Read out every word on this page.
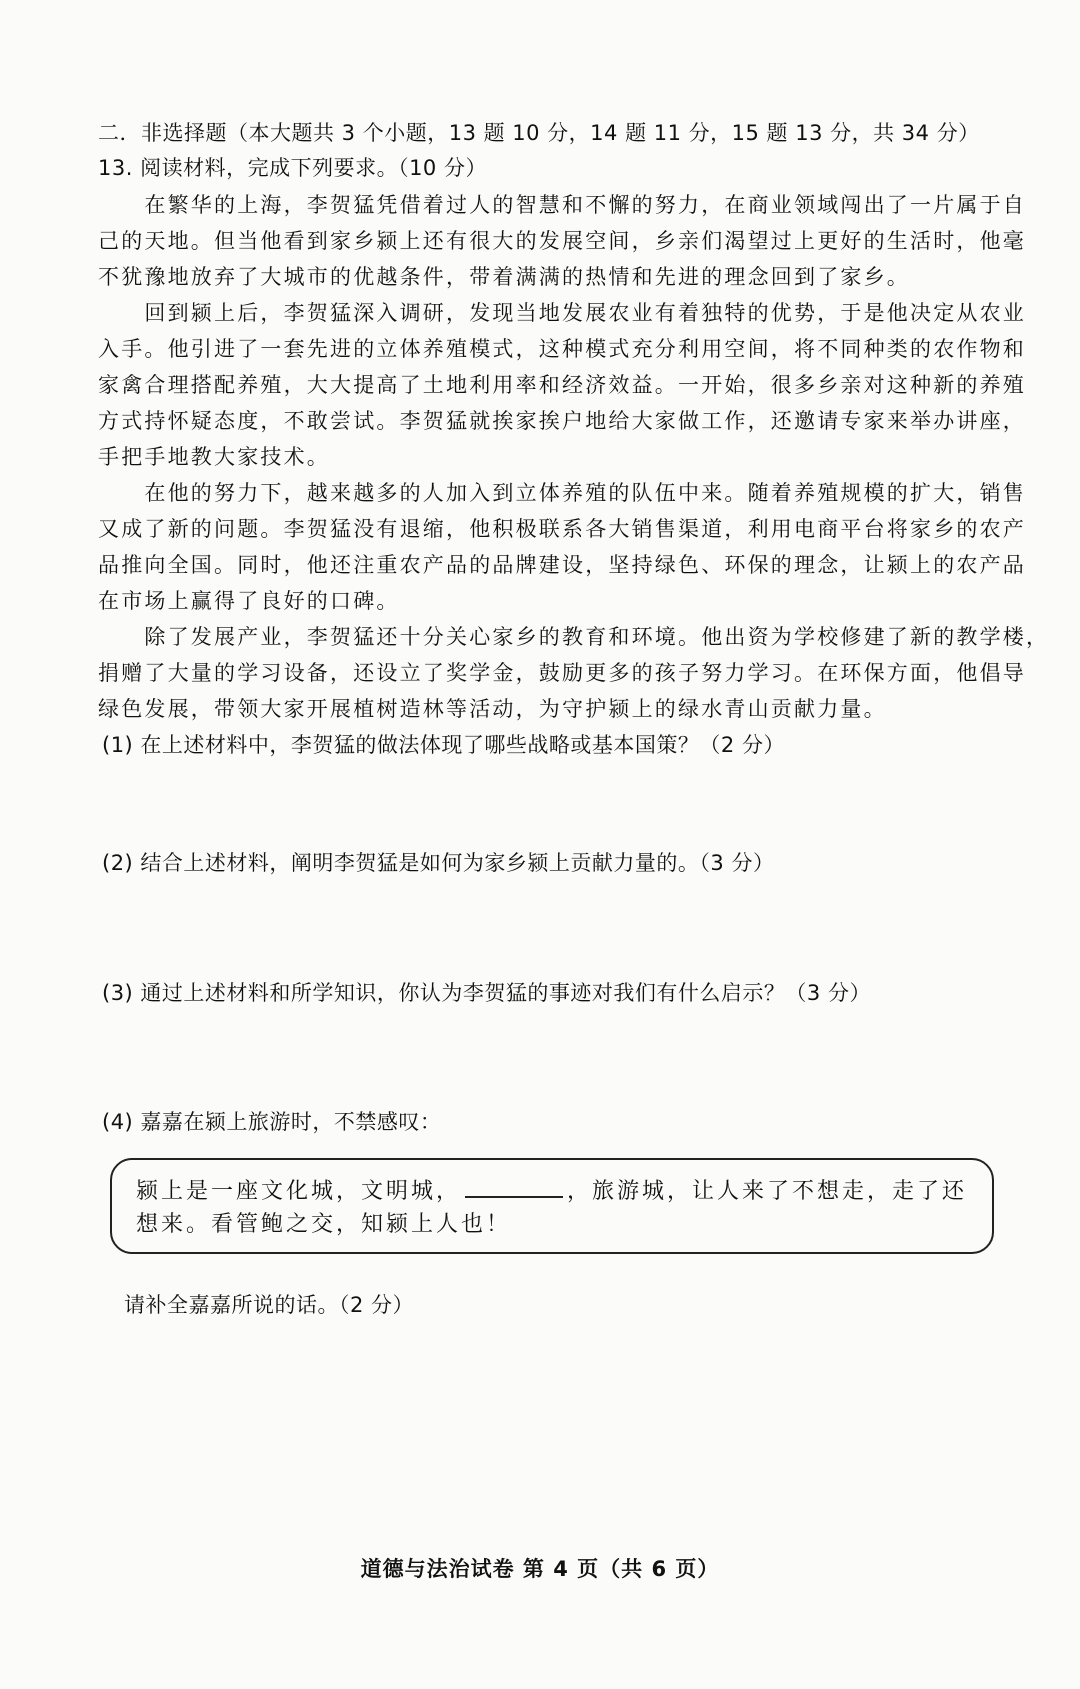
二．非选择题（本大题共 3 个小题，13 题 10 分，14 题 11 分，15 题 13 分，共 34 分）
13. 阅读材料，完成下列要求。（10 分）
　　在繁华的上海，李贺猛凭借着过人的智慧和不懈的努力，在商业领域闯出了一片属于自
己的天地。但当他看到家乡颍上还有很大的发展空间，乡亲们渴望过上更好的生活时，他毫
不犹豫地放弃了大城市的优越条件，带着满满的热情和先进的理念回到了家乡。
　　回到颍上后，李贺猛深入调研，发现当地发展农业有着独特的优势，于是他决定从农业
入手。他引进了一套先进的立体养殖模式，这种模式充分利用空间，将不同种类的农作物和
家禽合理搭配养殖，大大提高了土地利用率和经济效益。一开始，很多乡亲对这种新的养殖
方式持怀疑态度，不敢尝试。李贺猛就挨家挨户地给大家做工作，还邀请专家来举办讲座，
手把手地教大家技术。
　　在他的努力下，越来越多的人加入到立体养殖的队伍中来。随着养殖规模的扩大，销售
又成了新的问题。李贺猛没有退缩，他积极联系各大销售渠道，利用电商平台将家乡的农产
品推向全国。同时，他还注重农产品的品牌建设，坚持绿色、环保的理念，让颍上的农产品
在市场上赢得了良好的口碑。
　　除了发展产业，李贺猛还十分关心家乡的教育和环境。他出资为学校修建了新的教学楼，
捐赠了大量的学习设备，还设立了奖学金，鼓励更多的孩子努力学习。在环保方面，他倡导
绿色发展，带领大家开展植树造林等活动，为守护颍上的绿水青山贡献力量。
(1) 在上述材料中，李贺猛的做法体现了哪些战略或基本国策？（2 分）
(2) 结合上述材料，阐明李贺猛是如何为家乡颍上贡献力量的。（3 分）
(3) 通过上述材料和所学知识，你认为李贺猛的事迹对我们有什么启示？（3 分）
(4) 嘉嘉在颍上旅游时，不禁感叹：
颍上是一座文化城，文明城，	，旅游城，让人来了不想走，走了还
想来。看管鲍之交，知颍上人也！
请补全嘉嘉所说的话。（2 分）
道德与法治试卷 第 4 页（共 6 页）
